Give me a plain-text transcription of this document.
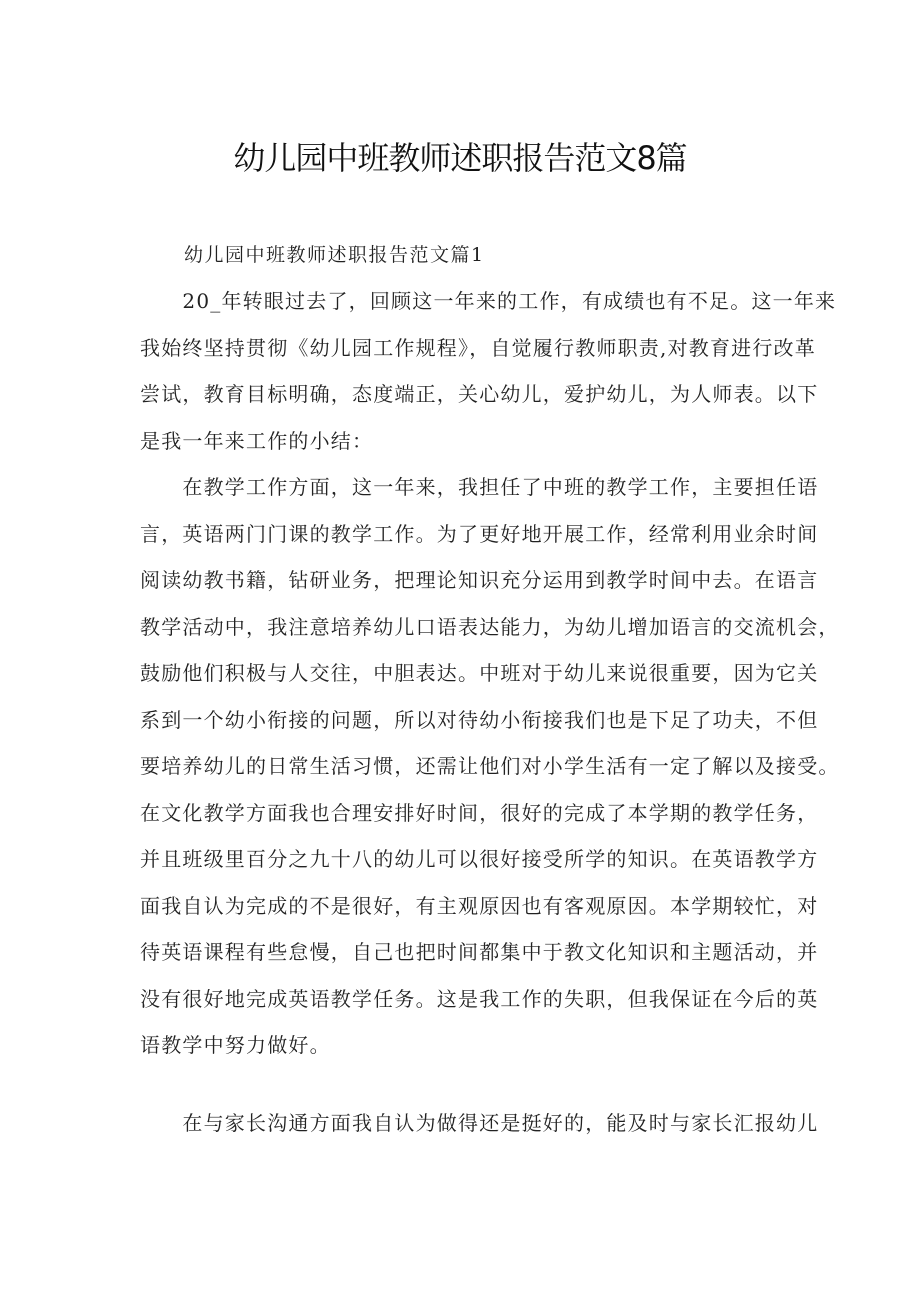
幼儿园中班教师述职报告范文8篇
幼儿园中班教师述职报告范文篇1
　　20_年转眼过去了，回顾这一年来的工作，有成绩也有不足。这一年来
我始终坚持贯彻《幼儿园工作规程》，自觉履行教师职责,对教育进行改革
尝试，教育目标明确，态度端正，关心幼儿，爱护幼儿，为人师表。以下
是我一年来工作的小结：
　　在教学工作方面，这一年来，我担任了中班的教学工作，主要担任语
言，英语两门门课的教学工作。为了更好地开展工作，经常利用业余时间
阅读幼教书籍，钻研业务，把理论知识充分运用到教学时间中去。在语言
教学活动中，我注意培养幼儿口语表达能力，为幼儿增加语言的交流机会，
鼓励他们积极与人交往，中胆表达。中班对于幼儿来说很重要，因为它关
系到一个幼小衔接的问题，所以对待幼小衔接我们也是下足了功夫，不但
要培养幼儿的日常生活习惯，还需让他们对小学生活有一定了解以及接受。
在文化教学方面我也合理安排好时间，很好的完成了本学期的教学任务，
并且班级里百分之九十八的幼儿可以很好接受所学的知识。在英语教学方
面我自认为完成的不是很好，有主观原因也有客观原因。本学期较忙，对
待英语课程有些怠慢，自己也把时间都集中于教文化知识和主题活动，并
没有很好地完成英语教学任务。这是我工作的失职，但我保证在今后的英
语教学中努力做好。
　　在与家长沟通方面我自认为做得还是挺好的，能及时与家长汇报幼儿
